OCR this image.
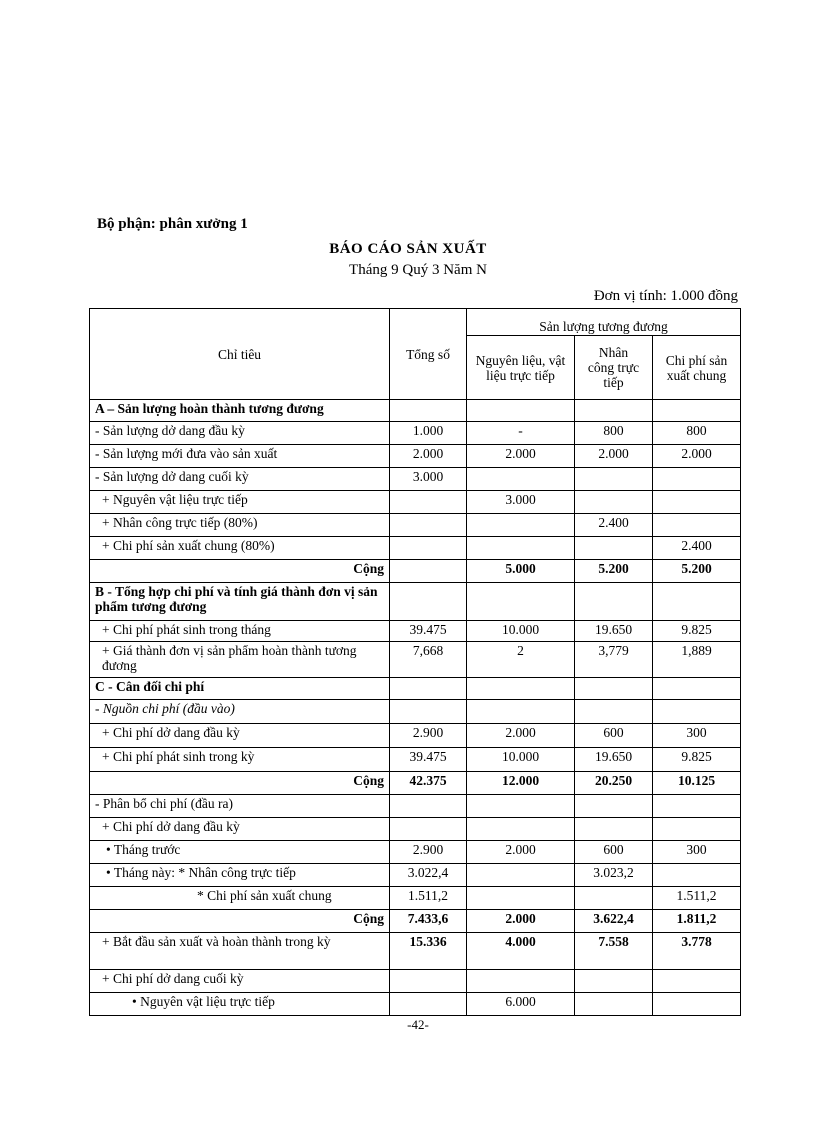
Bộ phận: phân xưởng 1
BÁO CÁO SẢN XUẤT
Tháng 9 Quý 3 Năm N
Đơn vị tính: 1.000 đồng
Chỉ tiêu	Tổng số	Sản lượng tương đương		
		Nguyên liệu, vật liệu trực tiếp	Nhân công trực tiếp	Chi phí sản xuất chung
A – Sản lượng hoàn thành tương đương				
- Sản lượng dở dang đầu kỳ	1.000	-	800	800
- Sản lượng mới đưa vào sản xuất	2.000	2.000	2.000	2.000
- Sản lượng dở dang cuối kỳ	3.000			
+ Nguyên vật liệu trực tiếp		3.000		
+ Nhân công trực tiếp (80%)			2.400	
+ Chi phí sản xuất chung (80%)				2.400
Cộng		5.000	5.200	5.200
B - Tổng hợp chi phí và tính giá thành đơn vị sản phẩm tương đương				
+ Chi phí phát sinh trong tháng	39.475	10.000	19.650	9.825
+ Giá thành đơn vị sản phẩm hoàn thành tương đương	7,668	2	3,779	1,889
C - Cân đối chi phí				
- Nguồn chi phí (đầu vào)				
+ Chi phí dở dang đầu kỳ	2.900	2.000	600	300
+ Chi phí phát sinh trong kỳ	39.475	10.000	19.650	9.825
Cộng	42.375	12.000	20.250	10.125
- Phân bổ chi phí (đầu ra)				
+ Chi phí dở dang đầu kỳ				
• Tháng trước	2.900	2.000	600	300
• Tháng này: * Nhân công trực tiếp	3.022,4		3.023,2	
* Chi phí sản xuất chung	1.511,2			1.511,2
Cộng	7.433,6	2.000	3.622,4	1.811,2
+ Bắt đầu sản xuất và hoàn thành trong kỳ	15.336	4.000	7.558	3.778
+ Chi phí dở dang cuối kỳ				
• Nguyên vật liệu trực tiếp		6.000		
-42-
